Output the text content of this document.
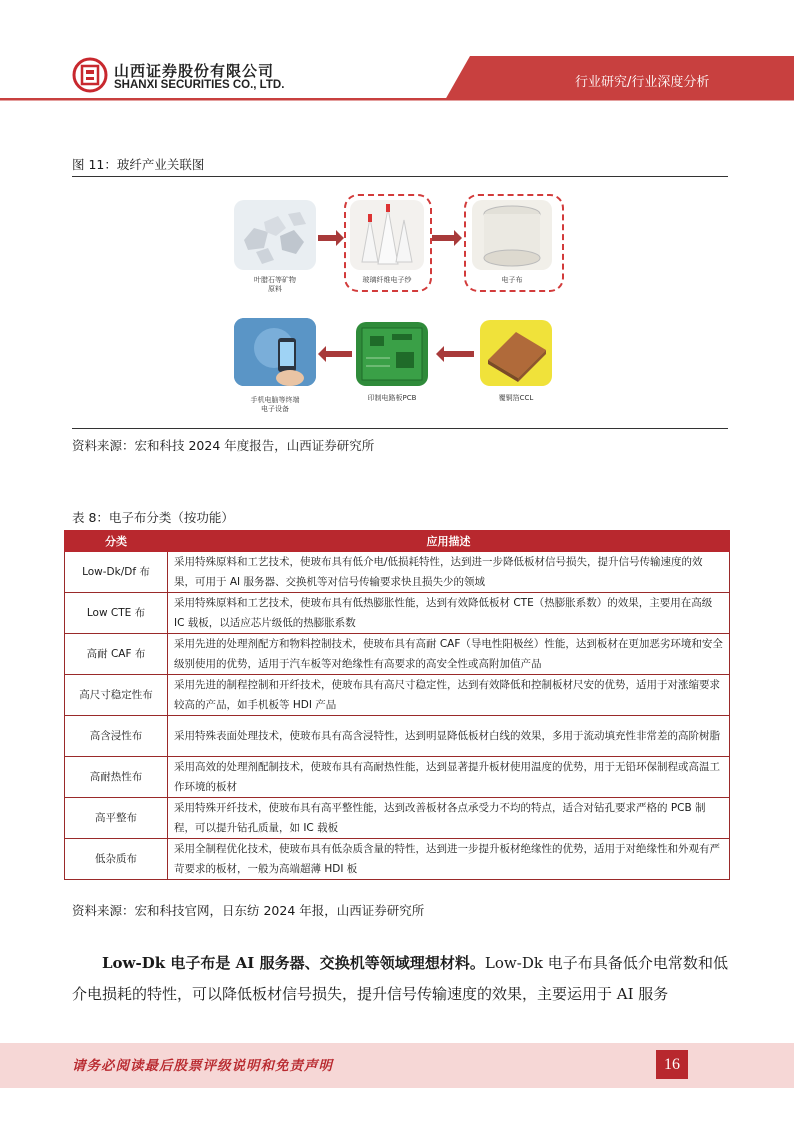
山西证券股份有限公司
SHANXI SECURITIES CO., LTD.	行业研究/行业深度分析
图 11：玻纤产业关联图
叶腊石等矿物
原料
玻璃纤维电子纱	电子布
覆铜箔CCL
印制电路板PCB
手机电脑等终端
电子设备
资料来源：宏和科技 2024 年度报告，山西证券研究所
表 8：电子布分类（按功能）
分类	应用描述
Low-Dk/Df 布	采用特殊原料和工艺技术，使玻布具有低介电/低损耗特性，达到进一步降低板材信号损失，提升信号传输速度的效果，可用于 AI 服务器、交换机等对信号传输要求快且损失少的领域
Low CTE 布	采用特殊原料和工艺技术，使玻布具有低热膨胀性能，达到有效降低板材 CTE（热膨胀系数）的效果，主要用在高级 IC 载板，以适应芯片级低的热膨胀系数
高耐 CAF 布	采用先进的处理剂配方和物料控制技术，使玻布具有高耐 CAF（导电性阳极丝）性能，达到板材在更加恶劣环境和安全级别使用的优势，适用于汽车板等对绝缘性有高要求的高安全性或高附加值产品
高尺寸稳定性布	采用先进的制程控制和开纤技术，使玻布具有高尺寸稳定性，达到有效降低和控制板材尺安的优势，适用于对涨缩要求较高的产品，如手机板等 HDI 产品
高含浸性布	采用特殊表面处理技术，使玻布具有高含浸特性，达到明显降低板材白线的效果，多用于流动填充性非常差的高阶树脂
高耐热性布	采用高效的处理剂配制技术，使玻布具有高耐热性能，达到显著提升板材使用温度的优势，用于无铅环保制程或高温工作环境的板材
高平整布	采用特殊开纤技术，使玻布具有高平整性能，达到改善板材各点承受力不均的特点，适合对钻孔要求严格的 PCB 制程，可以提升钻孔质量，如 IC 载板
低杂质布	采用全制程优化技术，使玻布具有低杂质含量的特性，达到进一步提升板材绝缘性的优势，适用于对绝缘性和外观有严苛要求的板材，一般为高端超薄 HDI 板
资料来源：宏和科技官网，日东纺 2024 年报，山西证券研究所
Low-Dk 电子布是 AI 服务器、交换机等领域理想材料。Low-Dk 电子布具备低介电常数和低介电损耗的特性，可以降低板材信号损失，提升信号传输速度的效果，主要运用于 AI 服务
请务必阅读最后股票评级说明和免责声明	16
